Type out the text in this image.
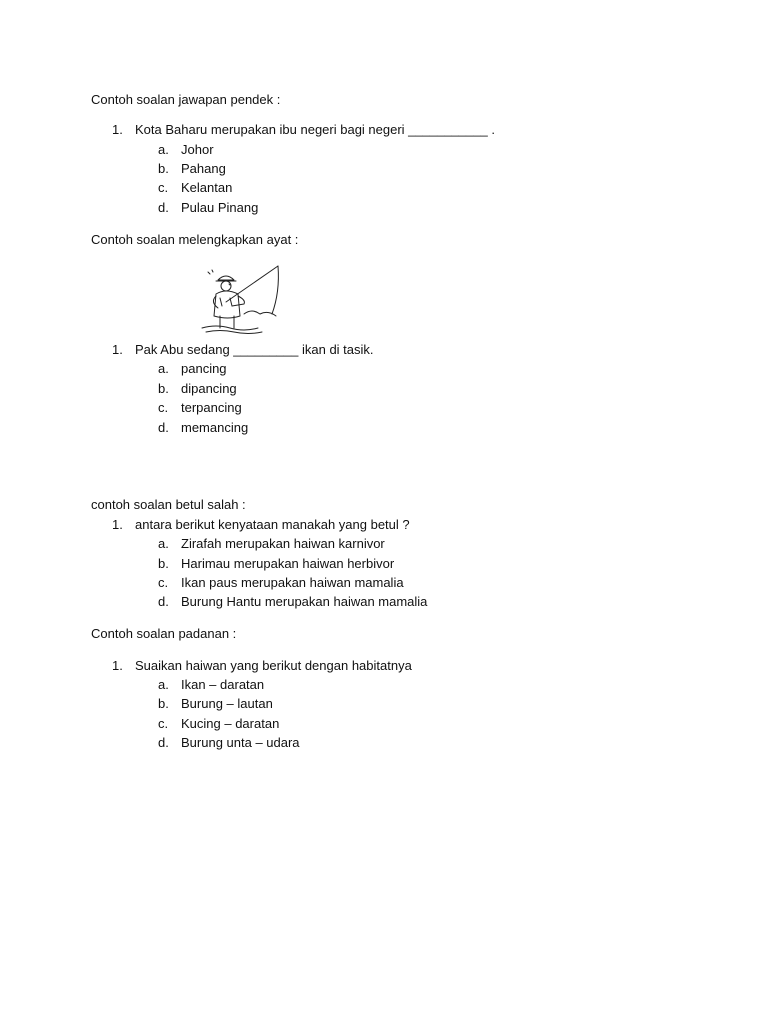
Contoh soalan jawapan pendek :
1. Kota Baharu merupakan ibu negeri bagi negeri ___________ .
a. Johor
b. Pahang
c. Kelantan
d. Pulau Pinang
Contoh soalan melengkapkan ayat :
1. Pak Abu sedang _________ ikan di tasik.
a. pancing
b. dipancing
c. terpancing
d. memancing
contoh soalan betul salah :
1. antara berikut kenyataan manakah yang betul ?
a. Zirafah merupakan haiwan karnivor
b. Harimau merupakan haiwan herbivor
c. Ikan paus merupakan haiwan mamalia
d. Burung Hantu merupakan haiwan mamalia
Contoh soalan padanan :
1. Suaikan haiwan yang berikut dengan habitatnya
a. Ikan – daratan
b. Burung – lautan
c. Kucing – daratan
d. Burung unta – udara
